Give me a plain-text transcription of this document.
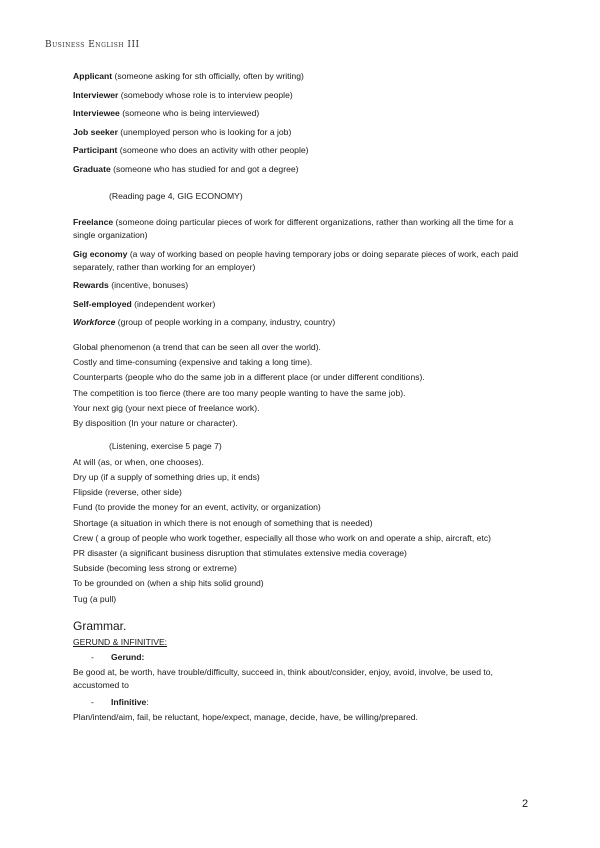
Business English III
Applicant (someone asking for sth officially, often by writing)
Interviewer (somebody whose role is to interview people)
Interviewee (someone who is being interviewed)
Job seeker (unemployed person who is looking for a job)
Participant (someone who does an activity with other people)
Graduate (someone who has studied for and got a degree)
(Reading page 4, GIG ECONOMY)
Freelance (someone doing particular pieces of work for different organizations, rather than working all the time for a single organization)
Gig economy (a way of working based on people having temporary jobs or doing separate pieces of work, each paid separately, rather than working for an employer)
Rewards (incentive, bonuses)
Self-employed (independent worker)
Workforce (group of people working in a company, industry, country)
Global phenomenon (a trend that can be seen all over the world).
Costly and time-consuming (expensive and taking a long time).
Counterparts (people who do the same job in a different place (or under different conditions).
The competition is too fierce (there are too many people wanting to have the same job).
Your next gig (your next piece of freelance work).
By disposition (In your nature or character).
(Listening, exercise 5 page 7)
At will (as, or when, one chooses).
Dry up (if a supply of something dries up, it ends)
Flipside (reverse, other side)
Fund (to provide the money for an event, activity, or organization)
Shortage (a situation in which there is not enough of something that is needed)
Crew ( a group of people who work together, especially all those who work on and operate a ship, aircraft, etc)
PR disaster (a significant business disruption that stimulates extensive media coverage)
Subside (becoming less strong or extreme)
To be grounded on (when a ship hits solid ground)
Tug (a pull)
Grammar.
GERUND & INFINITIVE:
- Gerund:
Be good at, be worth, have trouble/difficulty, succeed in, think about/consider, enjoy, avoid, involve, be used to, accustomed to
- Infinitive:
Plan/intend/aim, fail, be reluctant, hope/expect, manage, decide, have, be willing/prepared.
2
